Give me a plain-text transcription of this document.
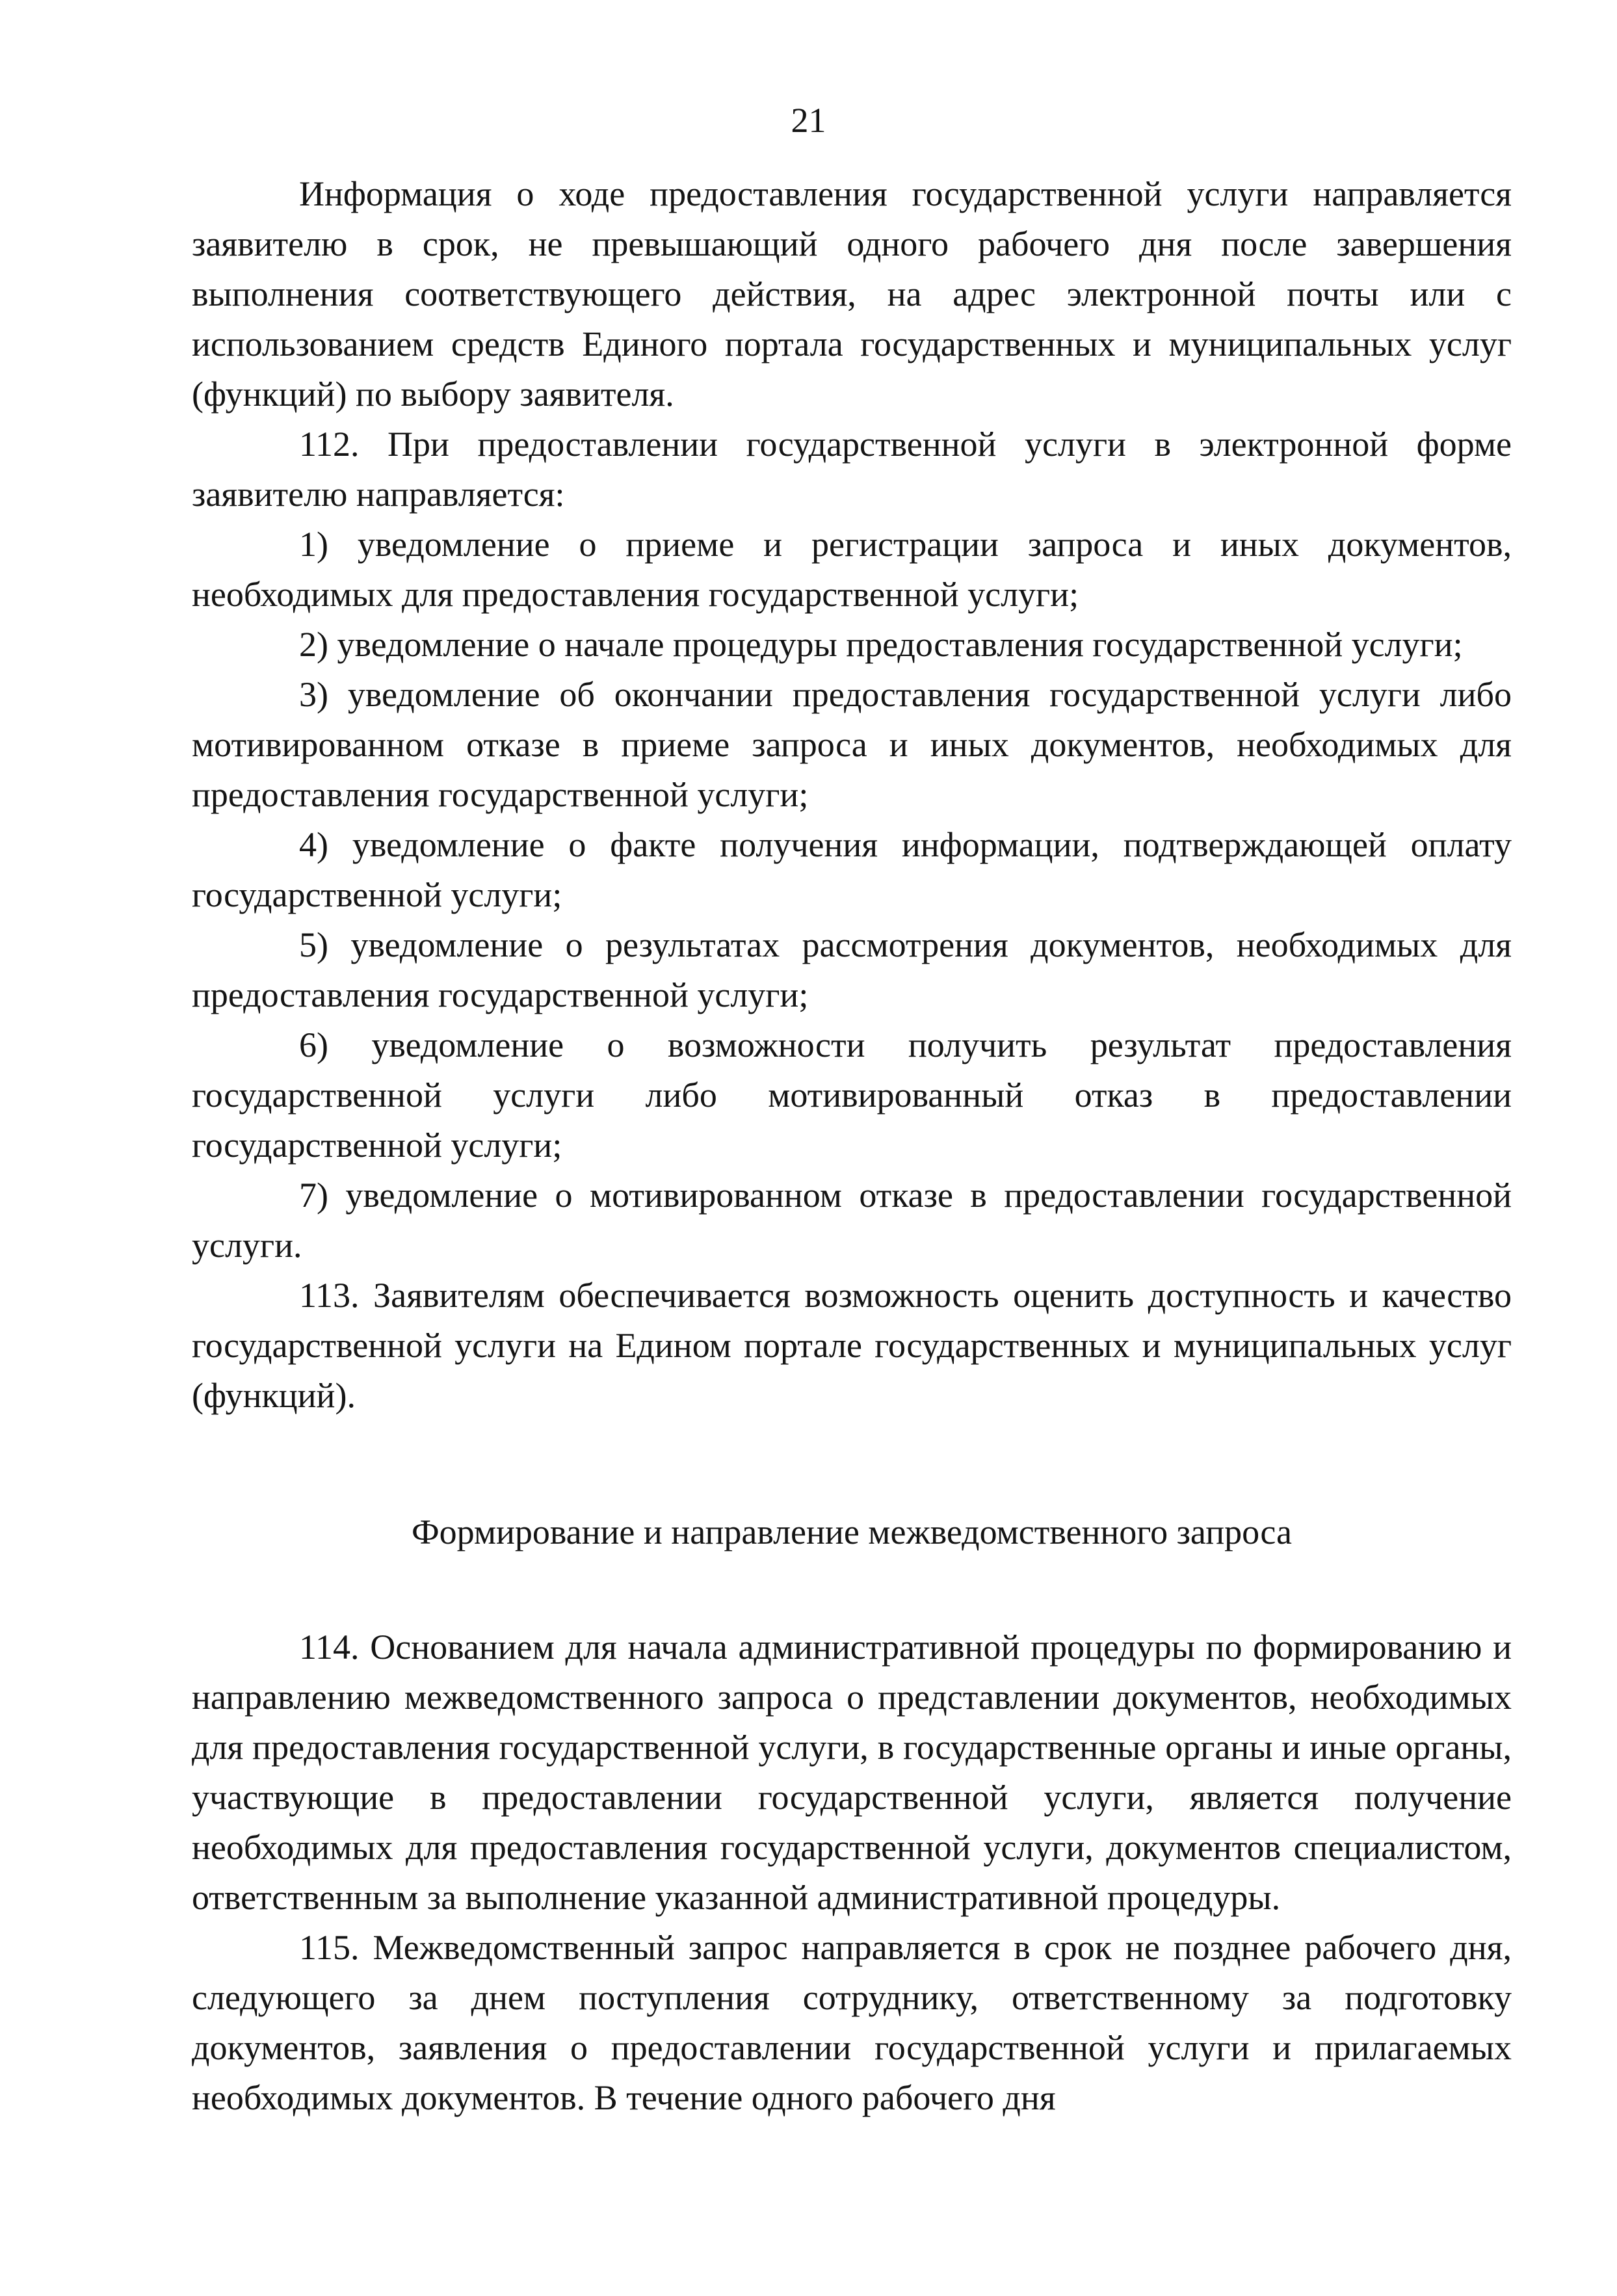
21

Информация о ходе предоставления государственной услуги направляется заявителю в срок, не превышающий одного рабочего дня после завершения выполнения соответствующего действия, на адрес электронной почты или с использованием средств Единого портала государственных и муниципальных услуг (функций) по выбору заявителя.

112. При предоставлении государственной услуги в электронной форме заявителю направляется:

1) уведомление о приеме и регистрации запроса и иных документов, необходимых для предоставления государственной услуги;

2) уведомление о начале процедуры предоставления государственной услуги;

3) уведомление об окончании предоставления государственной услуги либо мотивированном отказе в приеме запроса и иных документов, необходимых для предоставления государственной услуги;

4) уведомление о факте получения информации, подтверждающей оплату государственной услуги;

5) уведомление о результатах рассмотрения документов, необходимых для предоставления государственной услуги;

6) уведомление о возможности получить результат предоставления государственной услуги либо мотивированный отказ в предоставлении государственной услуги;

7) уведомление о мотивированном отказе в предоставлении государственной услуги.

113. Заявителям обеспечивается возможность оценить доступность и качество государственной услуги на Едином портале государственных и муниципальных услуг (функций).

Формирование и направление межведомственного запроса

114. Основанием для начала административной процедуры по формированию и направлению межведомственного запроса о представлении документов, необходимых для предоставления государственной услуги, в государственные органы и иные органы, участвующие в предоставлении государственной услуги, является получение необходимых для предоставления государственной услуги, документов специалистом, ответственным за выполнение указанной административной процедуры.

115. Межведомственный запрос направляется в срок не позднее рабочего дня, следующего за днем поступления сотруднику, ответственному за подготовку документов, заявления о предоставлении государственной услуги и прилагаемых необходимых документов. В течение одного рабочего дня
